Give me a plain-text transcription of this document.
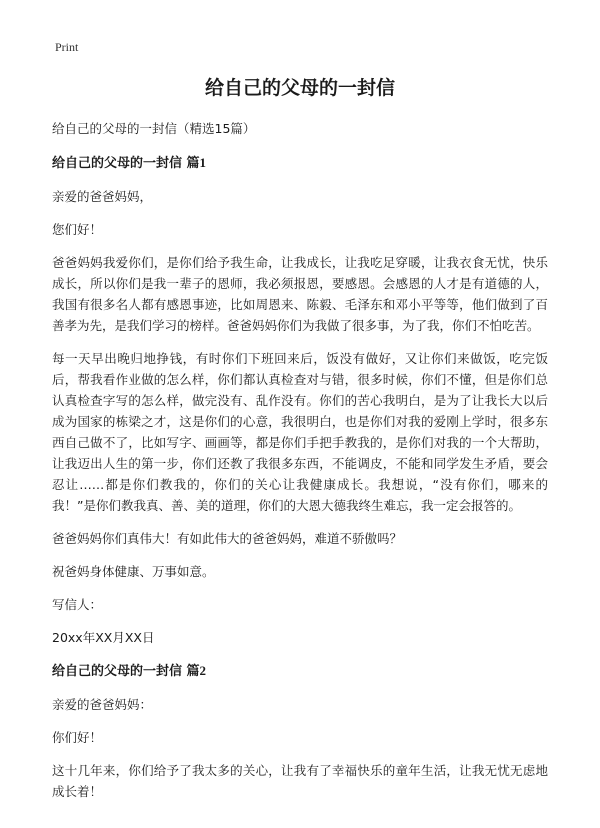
Print
给自己的父母的一封信
给自己的父母的一封信（精选15篇）
给自己的父母的一封信 篇1
亲爱的爸爸妈妈，
您们好！
爸爸妈妈我爱你们，是你们给予我生命，让我成长，让我吃足穿暖，让我衣食无忧，快乐成长，所以你们是我一辈子的恩师，我必须报恩，要感恩。会感恩的人才是有道德的人，我国有很多名人都有感恩事迹，比如周恩来、陈毅、毛泽东和邓小平等等，他们做到了百善孝为先，是我们学习的榜样。爸爸妈妈你们为我做了很多事，为了我，你们不怕吃苦。
每一天早出晚归地挣钱，有时你们下班回来后，饭没有做好，又让你们来做饭，吃完饭后，帮我看作业做的怎么样，你们都认真检查对与错，很多时候，你们不懂，但是你们总认真检查字写的怎么样，做完没有、乱作没有。你们的苦心我明白，是为了让我长大以后成为国家的栋梁之才，这是你们的心意，我很明白，也是你们对我的爱刚上学时，很多东西自己做不了，比如写字、画画等，都是你们手把手教我的，是你们对我的一个大帮助，让我迈出人生的第一步，你们还教了我很多东西，不能调皮，不能和同学发生矛盾，要会忍让……都是你们教我的，你们的关心让我健康成长。我想说，“没有你们，哪来的我！”是你们教我真、善、美的道理，你们的大恩大德我终生难忘，我一定会报答的。
爸爸妈妈你们真伟大！有如此伟大的爸爸妈妈，难道不骄傲吗？
祝爸妈身体健康、万事如意。
写信人：
20xx年XX月XX日
给自己的父母的一封信 篇2
亲爱的爸爸妈妈：
你们好！
这十几年来，你们给予了我太多的关心，让我有了幸福快乐的童年生活，让我无忧无虑地成长着！
